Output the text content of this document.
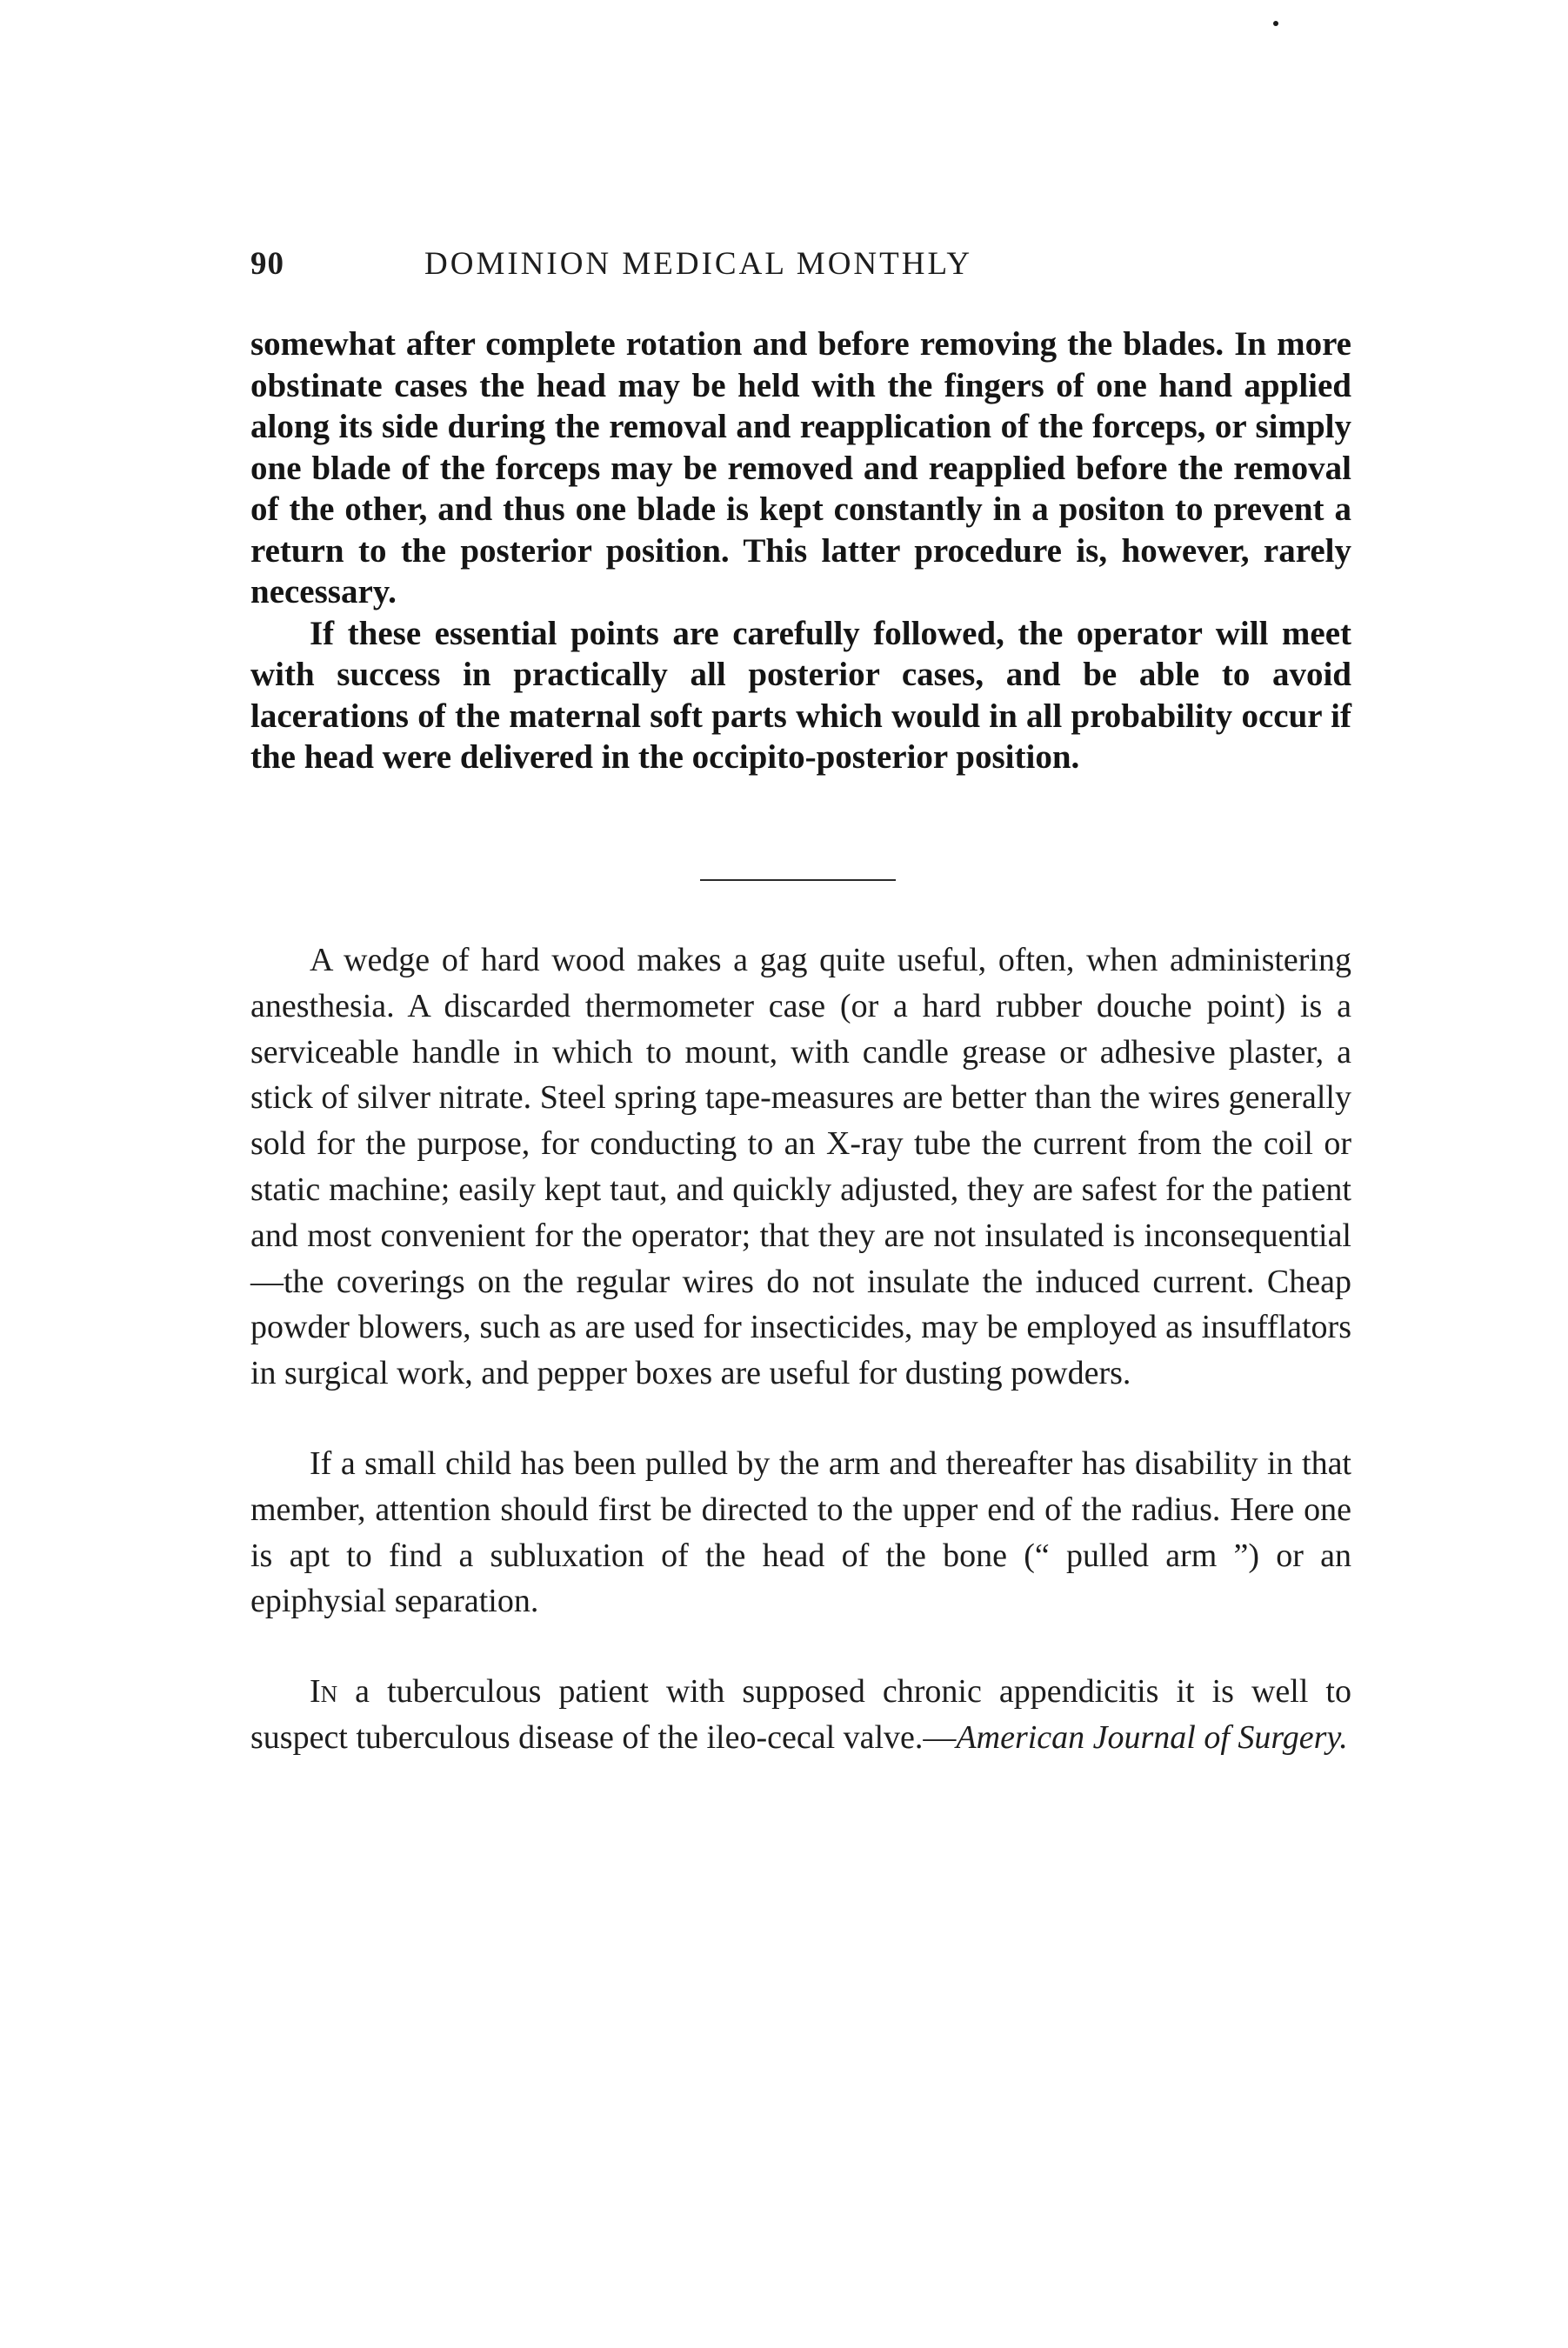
90	DOMINION MEDICAL MONTHLY

somewhat after complete rotation and before removing the blades. In more obstinate cases the head may be held with the fingers of one hand applied along its side during the removal and reapplication of the forceps, or simply one blade of the forceps may be removed and reapplied before the removal of the other, and thus one blade is kept constantly in a positon to prevent a return to the posterior position. This latter procedure is, however, rarely necessary.

If these essential points are carefully followed, the operator will meet with success in practically all posterior cases, and be able to avoid lacerations of the maternal soft parts which would in all probability occur if the head were delivered in the occipito-posterior position.

A wedge of hard wood makes a gag quite useful, often, when administering anesthesia. A discarded thermometer case (or a hard rubber douche point) is a serviceable handle in which to mount, with candle grease or adhesive plaster, a stick of silver nitrate. Steel spring tape-measures are better than the wires generally sold for the purpose, for conducting to an X-ray tube the current from the coil or static machine; easily kept taut, and quickly adjusted, they are safest for the patient and most convenient for the operator; that they are not insulated is inconsequential—the coverings on the regular wires do not insulate the induced current. Cheap powder blowers, such as are used for insecticides, may be employed as insufflators in surgical work, and pepper boxes are useful for dusting powders.

If a small child has been pulled by the arm and thereafter has disability in that member, attention should first be directed to the upper end of the radius. Here one is apt to find a subluxation of the head of the bone (“ pulled arm ”) or an epiphysial separation.

In a tuberculous patient with supposed chronic appendicitis it is well to suspect tuberculous disease of the ileo-cecal valve.—American Journal of Surgery.
